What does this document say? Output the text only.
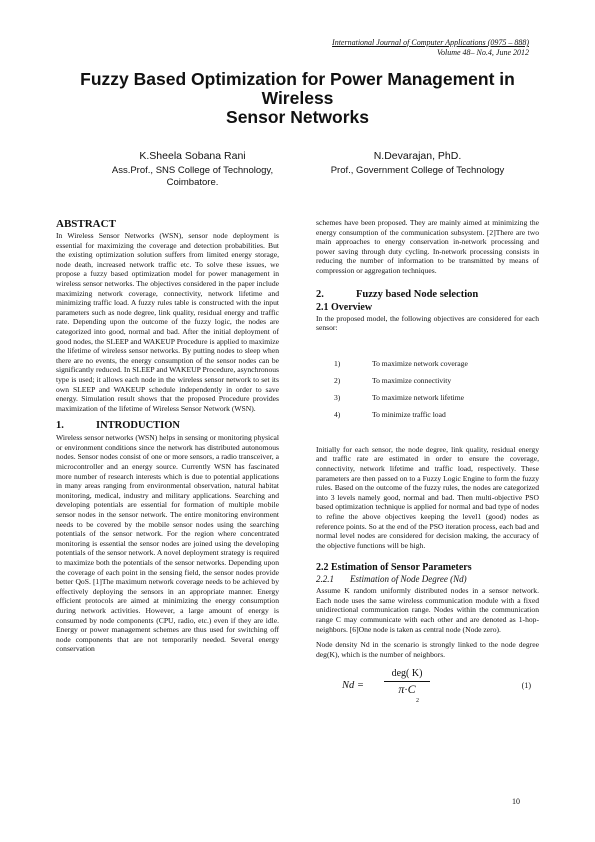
International Journal of Computer Applications (0975 – 888)
Volume 48– No.4, June 2012
Fuzzy Based Optimization for Power Management in
Wireless
Sensor Networks
K.Sheela Sobana Rani
Ass.Prof., SNS College of Technology,
Coimbatore.
N.Devarajan, PhD.
Prof., Government College of Technology
ABSTRACT

In Wireless Sensor Networks (WSN), sensor node deployment is essential for maximizing the coverage and detection probabilities. But the existing optimization solution suffers from limited energy storage, node death, increased network traffic etc. To solve these issues, we propose a fuzzy based optimization model for power management in wireless sensor networks. The objectives considered in the paper include maximizing network coverage, connectivity, network lifetime and minimizing traffic load. A fuzzy rules table is constructed with the input parameters such as node degree, link quality, residual energy and traffic rate. Depending upon the outcome of the fuzzy logic, the nodes are categorized into good, normal and bad. After the initial deployment of good nodes, the SLEEP and WAKEUP Procedure is applied to maximize the lifetime of wireless sensor networks. By putting nodes to sleep when there are no events, the energy consumption of the sensor nodes can be significantly reduced. In SLEEP and WAKEUP Procedure, asynchronous type is used; it allows each node in the wireless sensor network to set its own SLEEP and WAKEUP schedule independently in order to save energy. Simulation result shows that the proposed Procedure provides maximization of the lifetime of Wireless Sensor Network (WSN).

1.	INTRODUCTION

Wireless sensor networks (WSN) helps in sensing or monitoring physical or environment conditions since the network has distributed autonomous nodes. Sensor nodes consist of one or more sensors, a radio transceiver, a microcontroller and an energy source. Currently WSN has fascinated more number of research interests which is due to potential applications in many areas ranging from environmental observation, natural habitat monitoring, medical, industry and military applications. Searching and developing potentials are essential for formation of multiple mobile sensor nodes in the sensor network. The entire monitoring environment needs to be covered by the mobile sensor nodes using the searching potentials of the sensor network. For the region where concentrated monitoring is essential the sensor nodes are joined using the developing potentials of the sensor network. A novel deployment strategy is required to maximize both the potentials of the sensor networks. Depending upon the coverage of each point in the sensing field, the sensor nodes provide better QoS. [1]The maximum network coverage needs to be achieved by effectively deploying the sensors in an appropriate manner. Energy efficient protocols are aimed at minimizing the energy consumption during network activities. However, a large amount of energy is consumed by node components (CPU, radio, etc.) even if they are idle. Energy or power management schemes are thus used for switching off node components that are not temporarily needed. Several energy conservation

schemes have been proposed. They are mainly aimed at minimizing the energy consumption of the communication subsystem. [2]There are two main approaches to energy conservation in-network processing and power saving through duty cycling. In-network processing consists in reducing the number of information to be transmitted by means of compression or aggregation techniques.

2.	Fuzzy based Node selection
2.1 Overview

In the proposed model, the following objectives are considered for each sensor:

1)	To maximize network coverage
2)	To maximize connectivity
3)	To maximize network lifetime
4)	To minimize traffic load

Initially for each sensor, the node degree, link quality, residual energy and traffic rate are estimated in order to ensure the coverage, connectivity, network lifetime and traffic load, respectively. These parameters are then passed on to a Fuzzy Logic Engine to form the fuzzy rules. Based on the outcome of the fuzzy rules, the nodes are categorized into 3 levels namely good, normal and bad. Then multi-objective PSO based optimization technique is applied for normal and bad type of nodes to refine the above objectives keeping the level1 (good) nodes as reference points. So at the end of the PSO iteration process, each bad and normal level nodes are considered for decision making, the accuracy of the objective functions will be high.

2.2 Estimation of Sensor Parameters
2.2.1	Estimation of Node Degree (Nd)

Assume K random uniformly distributed nodes in a sensor network. Each node uses the same wireless communication module with a fixed unidirectional communication range. Nodes within the communication range C may communicate with each other and are denoted as 1-hop-neighbors. [6]One node is taken as central node (Node zero).

Node density Nd in the scenario is strongly linked to the node degree deg(K), which is the number of neighbors.

Nd =
deg( K)
π·C
2
(1)
10
